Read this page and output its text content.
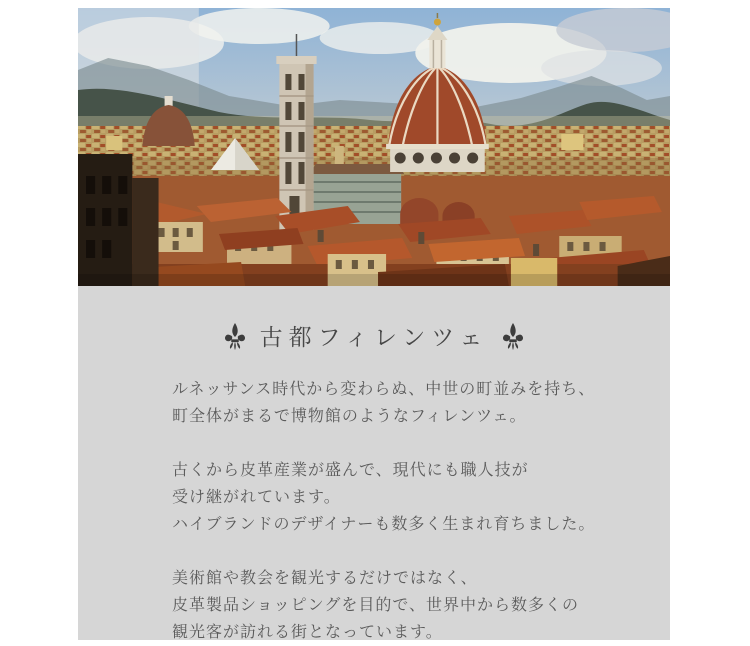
古都フィレンツェ

ルネッサンス時代から変わらぬ、中世の町並みを持ち、
町全体がまるで博物館のようなフィレンツェ。

古くから皮革産業が盛んで、現代にも職人技が
受け継がれています。
ハイブランドのデザイナーも数多く生まれ育ちました。

美術館や教会を観光するだけではなく、
皮革製品ショッピングを目的で、世界中から数多くの
観光客が訪れる街となっています。
